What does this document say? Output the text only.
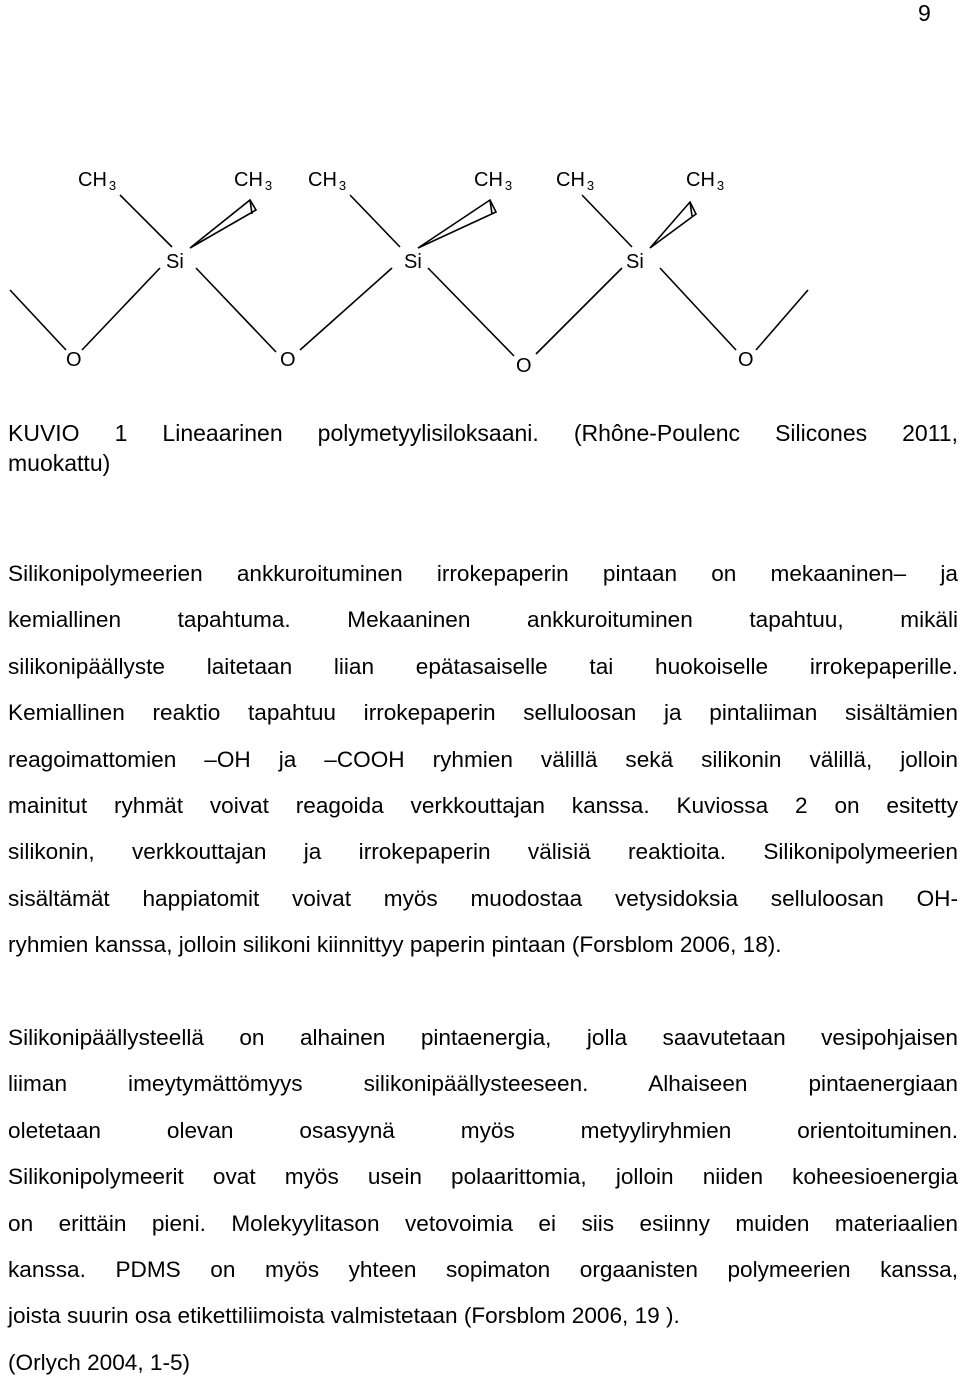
9
CH $_3$	CH $_3$ CH $_3$	CH $_3$ CH $_3$	CH $_3$
Si	Si	Si
O	O	O	O
KUVIO 1 Lineaarinen polymetyylisiloksaani. (Rhône-Poulenc Silicones 2011,
muokattu)
Silikonipolymeerien ankkuroituminen irrokepaperin pintaan on mekaaninen– ja
kemiallinen tapahtuma. Mekaaninen ankkuroituminen tapahtuu, mikäli
silikonipäällyste laitetaan liian epätasaiselle tai huokoiselle irrokepaperille.
Kemiallinen reaktio tapahtuu irrokepaperin selluloosan ja pintaliiman sisältämien
reagoimattomien –OH ja –COOH ryhmien välillä sekä silikonin välillä, jolloin
mainitut ryhmät voivat reagoida verkkouttajan kanssa. Kuviossa 2 on esitetty
silikonin, verkkouttajan ja irrokepaperin välisiä reaktioita. Silikonipolymeerien
sisältämät happiatomit voivat myös muodostaa vetysidoksia selluloosan OH-
ryhmien kanssa, jolloin silikoni kiinnittyy paperin pintaan (Forsblom 2006, 18).
Silikonipäällysteellä on alhainen pintaenergia, jolla saavutetaan vesipohjaisen
liiman imeytymättömyys silikonipäällysteeseen. Alhaiseen pintaenergiaan
oletetaan olevan osasyynä myös metyyliryhmien orientoituminen.
Silikonipolymeerit ovat myös usein polaarittomia, jolloin niiden koheesioenergia
on erittäin pieni. Molekyylitason vetovoimia ei siis esiinny muiden materiaalien
kanssa. PDMS on myös yhteen sopimaton orgaanisten polymeerien kanssa,
joista suurin osa etikettiliimoista valmistetaan (Forsblom 2006, 19 ).
(Orlych 2004, 1-5)
